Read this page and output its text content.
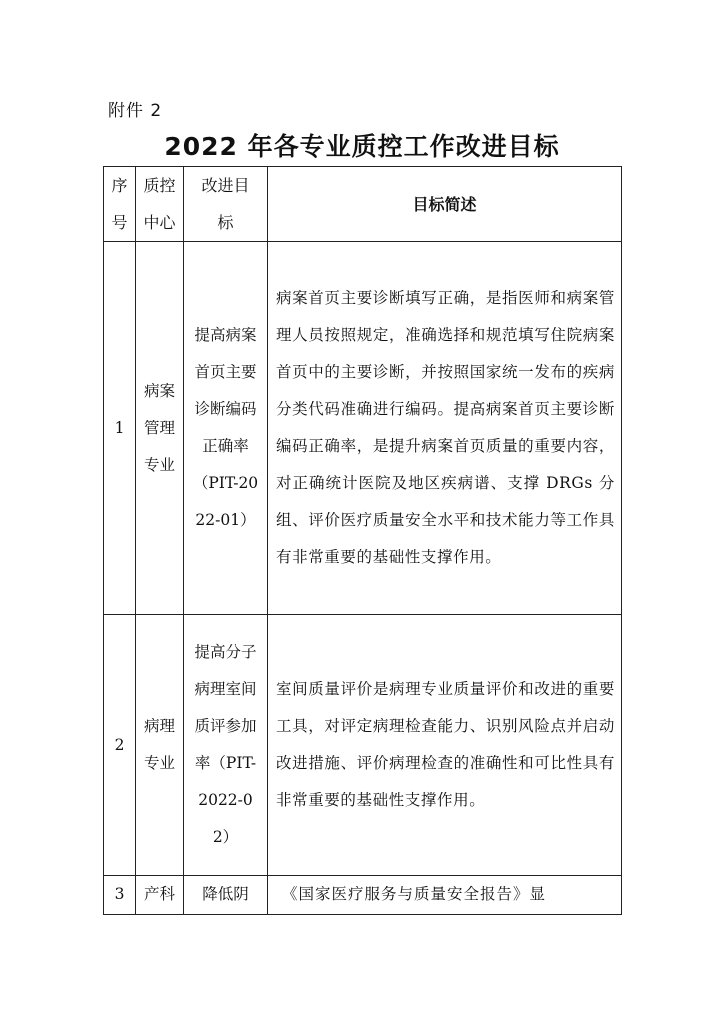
附件 2
2022 年各专业质控工作改进目标
序号	质控中心	改进目标	目标简述
1	病案管理专业	提高病案首页主要诊断编码正确率（PIT-2022-01）	病案首页主要诊断填写正确，是指医师和病案管理人员按照规定，准确选择和规范填写住院病案首页中的主要诊断，并按照国家统一发布的疾病分类代码准确进行编码。提高病案首页主要诊断编码正确率，是提升病案首页质量的重要内容，对正确统计医院及地区疾病谱、支撑 DRGs 分组、评价医疗质量安全水平和技术能力等工作具有非常重要的基础性支撑作用。

2	病理专业	提高分子病理室间质评参加率（PIT-2022-02）	室间质量评价是病理专业质量评价和改进的重要工具，对评定病理检查能力、识别风险点并启动改进措施、评价病理检查的准确性和可比性具有非常重要的基础性支撑作用。

3	产科	降低阴	《国家医疗服务与质量安全报告》显
